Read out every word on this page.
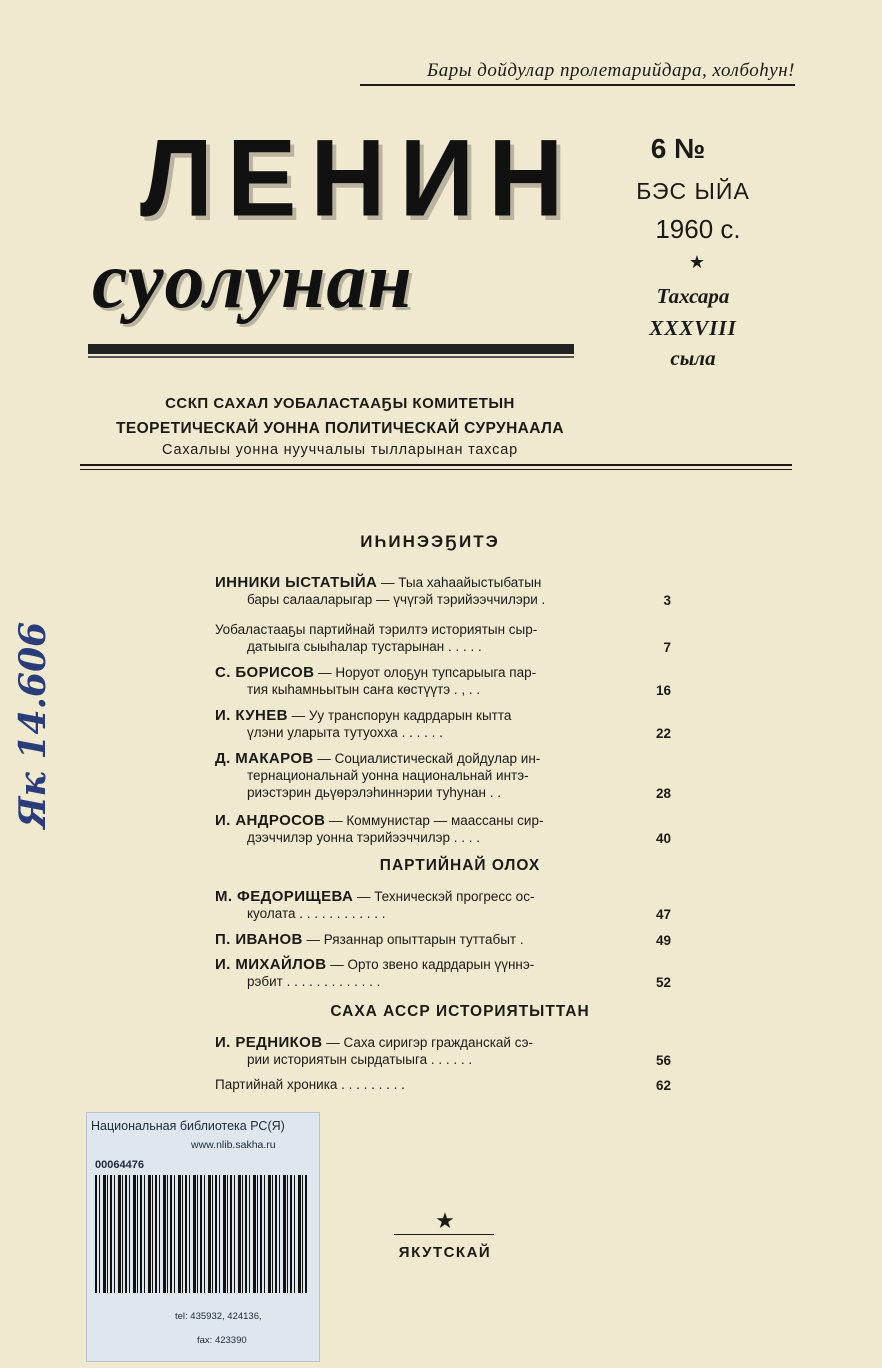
Бары дойдулар пролетарийдара, холбоһун!
ЛЕНИН
суолунан
6 №
БЭС ЫЙА
1960 с.
★
Тахсара
XXXVIII
сыла
ССКП САХАЛ УОБАЛАСТААҔЫ КОМИТЕТЫН
ТЕОРЕТИЧЕСКАЙ УОННА ПОЛИТИЧЕСКАЙ СУРУНААЛА
Сахалыы уонна нууччалыы тылларынан тахсар
ИҺИНЭЭҔИТЭ
ИННИКИ ЫСТАТЫЙА — Тыа хаһаайыстыбатын
бары салааларыгар — үчүгэй тэрийээччилэри .	3
Уобаластааҕы партийнай тэрилтэ историятын сыр-
датыыга сыыһалар тустарынан . . . . .	7
С. БОРИСОВ — Норуот олоҕун тупсарыыга пар-
тия кыһамньытын саҥа көстүүтэ . , . .	16
И. КУНЕВ — Уу транспорун кадрдарын кытта
үлэни уларыта тутуохха . . . . . .	22
Д. МАКАРОВ — Социалистическай дойдулар ин-
тернациональнай уонна национальнай интэ-
риэстэрин дьүөрэлэһиннэрии туһунан . .	28
И. АНДРОСОВ — Коммунистар — маассаны сир-
дээччилэр уонна тэрийээччилэр . . . .	40
ПАРТИЙНАЙ ОЛОХ
М. ФЕДОРИЩЕВА — Техническэй прогресс ос-
куолата . . . . . . . . . . . .	47
П. ИВАНОВ — Рязаннар опыттарын туттабыт .	49
И. МИХАЙЛОВ — Орто звено кадрдарын үүннэ-
рэбит . . . . . . . . . . . . .	52
САХА АССР ИСТОРИЯТЫТТАН
И. РЕДНИКОВ — Саха сиригэр гражданскай сэ-
рии историятын сырдатыыга . . . . . .	56
Партийнай хроника . . . . . . . . .	62
Як 14.606
Национальная библиотека РС(Я)
www.nlib.sakha.ru
00064476
tel: 435932, 424136,
fax: 423390
★
ЯКУТСКАЙ
